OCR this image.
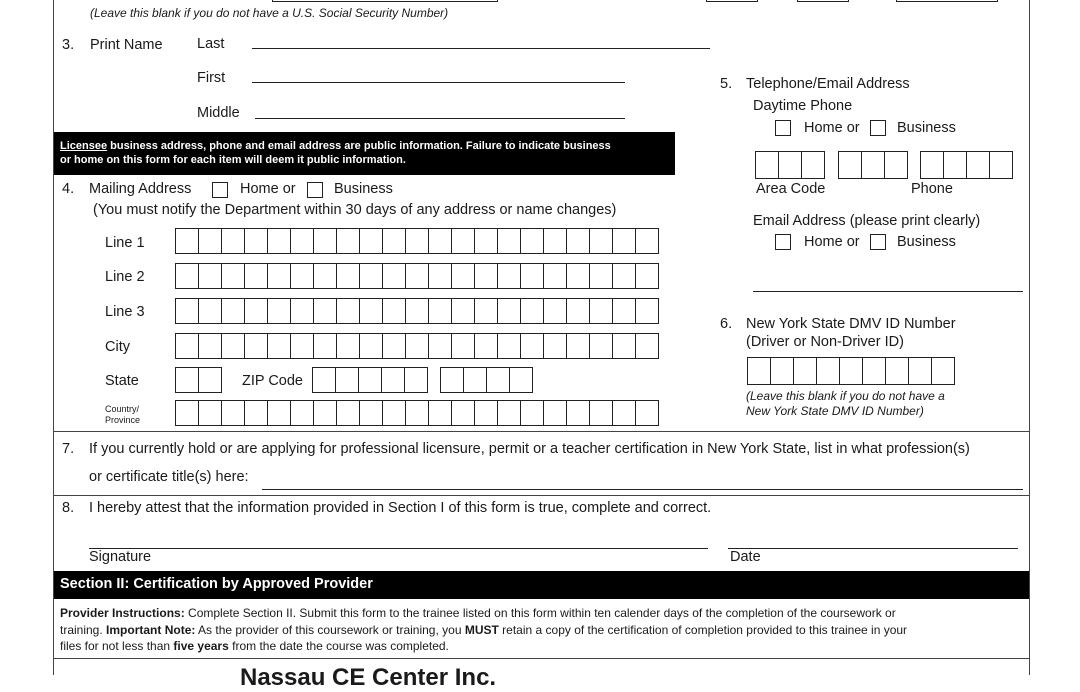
(Leave this blank if you do not have a U.S. Social Security Number)
3. Print Name Last
First
Middle
Licensee business address, phone and email address are public information. Failure to indicate business
or home on this form for each item will deem it public information.
4. Mailing Address	Home or	Business
(You must notify the Department within 30 days of any address or name changes)
Line 1
Line 2
Line 3
City
State	ZIP Code
Country/
Province
5. Telephone/Email Address
Daytime Phone
Home or	Business
Area Code	Phone
Email Address (please print clearly)
Home or	Business
6. New York State DMV ID Number
(Driver or Non-Driver ID)
(Leave this blank if you do not have a
New York State DMV ID Number)
7. If you currently hold or are applying for professional licensure, permit or a teacher certification in New York State, list in what profession(s)
or certificate title(s) here:
8. I hereby attest that the information provided in Section I of this form is true, complete and correct.
Signature	Date
Section II: Certification by Approved Provider
Provider Instructions: Complete Section II. Submit this form to the trainee listed on this form within ten calender days of the completion of the coursework or
training. Important Note: As the provider of this coursework or training, you MUST retain a copy of the certification of completion provided to this trainee in your
files for not less than five years from the date the course was completed.
Nassau CE Center Inc.
